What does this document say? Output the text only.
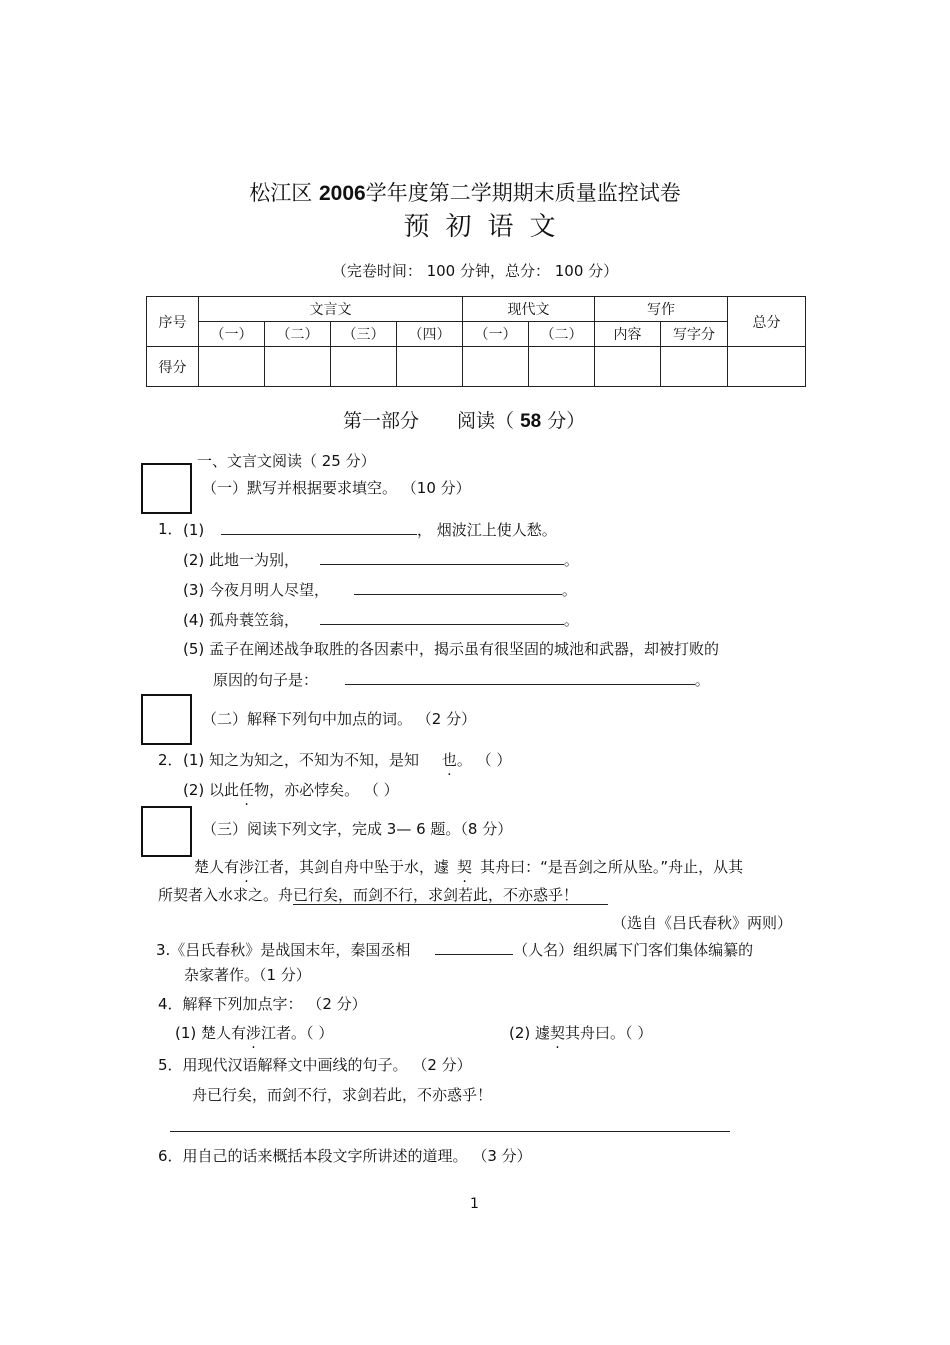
松江区 2006学年度第二学期期末质量监控试卷
预初语文
（完卷时间： 100 分钟，总分： 100 分）
序号	文言文				现代文		写作		总分
	（一）	（二）	（三）	（四）	（一）	（二）	内容	写字分	
得分									
第一部分　　阅读（ 58 分）
一、文言文阅读（ 25 分）
（一）默写并根据要求填空。 （10 分）
1． (1)	， 烟波江上使人愁。
(2) 此地一为别，	。
(3) 今夜月明人尽望，	。
(4) 孤舟蓑笠翁，	。
(5) 孟子在阐述战争取胜的各因素中，揭示虽有很坚固的城池和武器，却被打败的
原因的句子是：	。
（二）解释下列句中加点的词。 （2 分）
2． (1) 知之为知之，不知为不知，是知 也。 （ ）
(2) 以此任物，亦必悖矣。 （ ）
（三）阅读下列文字，完成 3— 6 题。（8 分）
楚人有涉江者，其剑自舟中坠于水，遽 契 其舟曰：“是吾剑之所从坠。”舟止，从其
所契者入水求之。舟已行矣，而剑不行，求剑若此，不亦惑乎！
（选自《吕氏春秋》两则）
3.《吕氏春秋》是战国末年，秦国丞相	（人名）组织属下门客们集体编纂的
杂家著作。（1 分）
4．解释下列加点字： （2 分）
(1) 楚人有涉江者。（ ）	(2) 遽契其舟曰。（ ）
5．用现代汉语解释文中画线的句子。 （2 分）
舟已行矣，而剑不行，求剑若此，不亦惑乎！
6．用自己的话来概括本段文字所讲述的道理。 （3 分）
1
